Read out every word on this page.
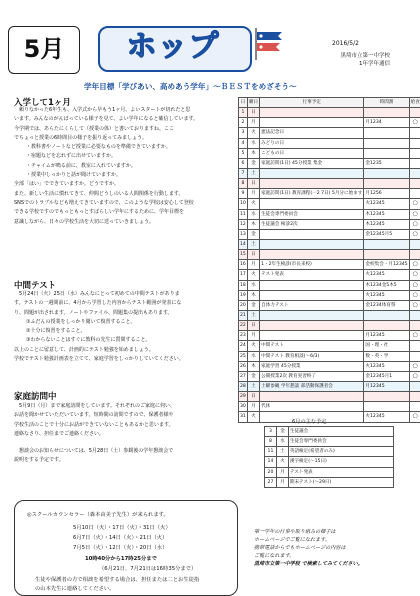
5月	ホップ	2016/5/2
黒埼市立第一中学校
1年学年通信
学年目標「学びあい、高めあう学年」～ＢＥＳＴをめざそう～
入学して1ヶ月

　頼りなかった6年生も、入学式から早もう1ヶ月、よいスタートが切れたと思

います。みんなのがんばっている様子を見て、よい学年になると確信しています。

今学期では、あらたにくらして（授業の体）と書いておりますね。ここ

でちょっと授業の6時間目の様子を振り返ってみましょう。

・教科書やノートなど授業に必要なものを準備できていますか。

・宿題などを忘れずに出せていますか。

・チャイムが鳴る前に、教室に入れていますか。

・授業中しっかりと話が聞けていますか。

全部「はい」でできていますか。どうですか。

また、新しい生活に慣れてきて、仲間どうしのいる人間関係を行動します。

SNSでのトラブルなども増えてきていますので、このような学校は安心して登校

できる学校ですのでもっともっとすばらしい学年にするために、学年目標を

意識しながら、日々の学校生活を大切に送っていきましょう。

中間テスト

　5月24日（火）25日（水）みんなにとって初めての中間テストがありま

す。テストの一週間前に、4月から学習した内容からテスト範囲が発表にな

り、問題が出されます。ノートやファイル、問題集の提出もあります。

①ふだんの授業をしっかり聞いて復習すること。

②十分に復習をすること。

③わからないことはすぐに教科の先生に質問すること。

以上のことに留意して、計画的にテスト勉強を始めましょう。

学校でテスト勉強計画表を立てて、家庭学習をしっかりしていてください。

家庭訪問中

　5月9日（月）まで家庭訪問をしています。それぞれのご家庭に伺い、

お話を聞かせていただいています。短時間の訪問ですので、保護者様や

学校生活のことで十分にお話ができていないこともあるかと思います。

連絡なさり、担任までご連絡ください。

　懇談会のお知らせについては、5月28日（土）参観後の学年懇談会で

説明をする予定です。

◎スクールカウンセラー（森本由美子先生）が来られます。
5月10日（火）・17日（火）・31日（火）
6月7日（火）・14日（火）・21日（火）
7月5日（火）・12日（火）・20日（水）
10時40分から17時25分まで
（6月21日、7月21日は16時35分まで）
生徒や保護者の方で相談を希望する場合は、担任または二とお生徒指
の山本先生に連絡してください。
日	曜日	行事予定	時間割	給食
1	日			
2	月		月1234	◯
3	火	憲法記念日		
4	水	みどりの日		
5	木	こどもの日		
6	金	家庭訪問(1日) 45分授業 集金	金1235	
7	土			
8	日			
9	月	家庭訪問(1日) 教育課程(一2 7日) 5月分に始ます	月1256	
10	火		火12345	◯
11	水	生徒会専門委員会	木12345	◯
12	木	生徒議会 検診2次	木12345	◯
13	金		金12345月5	◯
14	土			
15	日			
16	月	1・2年生検診(市長来校)	金校集会・月12345	◯
17	火	テスト発表	火12345	◯
18	水		木1234金5木5	◯
19	木		火12345	◯
20	金	自体力テスト	金1234体育祭	◯
21	土			
22	日			
23	月		月12345	◯
24	火	中間テスト	国・理・社	
25	水	中間テスト 教育相談(～6/3)	数・英・学	
26	木	家庭学習 45分授業	火12345	◯
27	金	公開授業2次 教育実習終了	金12345月1	◯
28	土	土曜参観 学年懇談 部活動保護者会	月12345	
29	日			
30	月	代休		
31	火		火12345	◯
6月の主な予定
3	金	生徒議会
8	水	生徒会専門委員会
11	土	英語検定(希望者のみ)
14	火	漢字検定(～15日)
20	月	テスト発表
27	月	期末テスト(～29日)

第一学年の行事や取り組みの様子は

ホームページでご覧になれます。

携帯電話からでもホームページの内容は

ご覧になれます。

黒埼市立第一中学校 で検索してみてください。
